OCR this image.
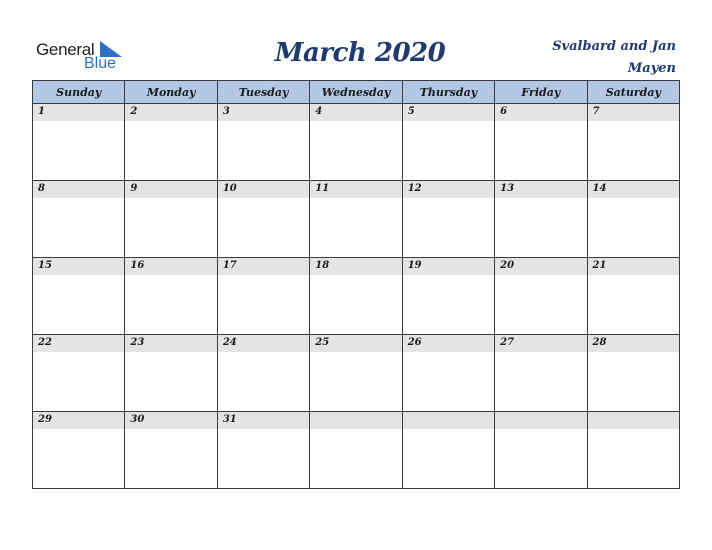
General
Blue	March 2020	Svalbard and Jan
Mayen
Sunday	Monday	Tuesday	Wednesday	Thursday	Friday	Saturday

1	2	3	4	5	6	7

8	9	10	11	12	13	14

15	16	17	18	19	20	21

22	23	24	25	26	27	28

29	30	31				
